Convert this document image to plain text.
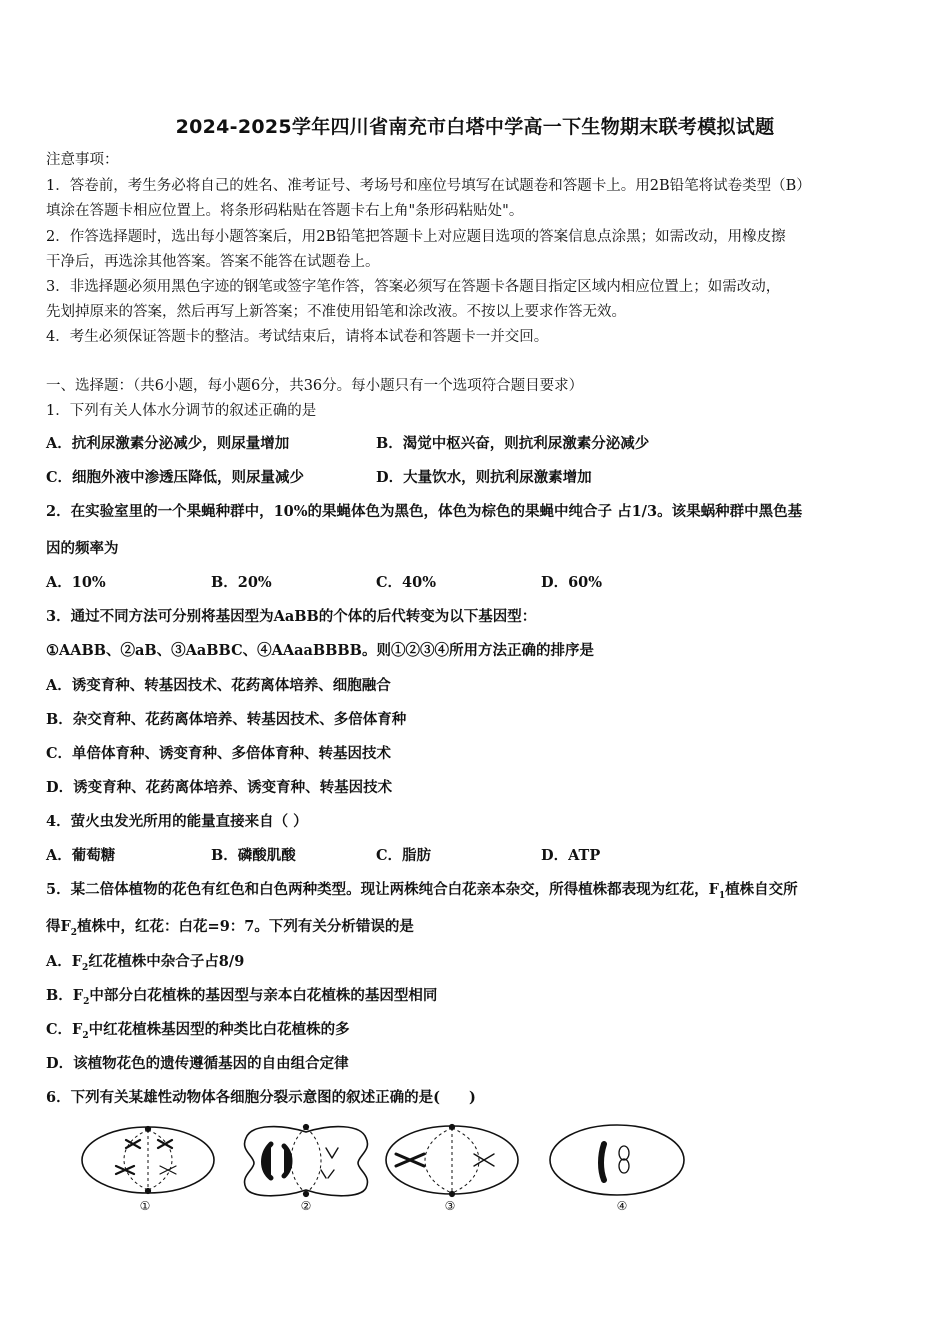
2024-2025学年四川省南充市白塔中学高一下生物期末联考模拟试题
注意事项：
1．答卷前，考生务必将自己的姓名、准考证号、考场号和座位号填写在试题卷和答题卡上。用2B铅笔将试卷类型（B）
填涂在答题卡相应位置上。将条形码粘贴在答题卡右上角"条形码粘贴处"。
2．作答选择题时，选出每小题答案后，用2B铅笔把答题卡上对应题目选项的答案信息点涂黑；如需改动，用橡皮擦
干净后，再选涂其他答案。答案不能答在试题卷上。
3．非选择题必须用黑色字迹的钢笔或签字笔作答，答案必须写在答题卡各题目指定区域内相应位置上；如需改动，
先划掉原来的答案，然后再写上新答案；不准使用铅笔和涂改液。不按以上要求作答无效。
4．考生必须保证答题卡的整洁。考试结束后，请将本试卷和答题卡一并交回。
一、选择题：（共6小题，每小题6分，共36分。每小题只有一个选项符合题目要求）
1．下列有关人体水分调节的叙述正确的是
A．抗利尿激素分泌减少，则尿量增加	B．渴觉中枢兴奋，则抗利尿激素分泌减少
C．细胞外液中渗透压降低，则尿量减少	D．大量饮水，则抗利尿激素增加
2．在实验室里的一个果蝇种群中，10%的果蝇体色为黑色，体色为棕色的果蝇中纯合子 占1/3。该果蜗种群中黑色基
因的频率为
A．10%	B．20%	C．40%	D．60%
3．通过不同方法可分别将基因型为AaBB的个体的后代转变为以下基因型：
①AABB、②aB、③AaBBC、④AAaaBBBB。则①②③④所用方法正确的排序是
A．诱变育种、转基因技术、花药离体培养、细胞融合
B．杂交育种、花药离体培养、转基因技术、多倍体育种
C．单倍体育种、诱变育种、多倍体育种、转基因技术
D．诱变育种、花药离体培养、诱变育种、转基因技术
4．萤火虫发光所用的能量直接来自（ ）
A．葡萄糖	B．磷酸肌酸	C．脂肪	D．ATP
5．某二倍体植物的花色有红色和白色两种类型。现让两株纯合白花亲本杂交，所得植株都表现为红花，$F_1$植株自交所
得$F_2$植株中，红花：白花=9：7。下列有关分析错误的是
A．$F_2$红花植株中杂合子占8/9
B．$F_2$中部分白花植株的基因型与亲本白花植株的基因型相同
C．$F_2$中红花植株基因型的种类比白花植株的多
D．该植物花色的遗传遵循基因的自由组合定律
6．下列有关某雄性动物体各细胞分裂示意图的叙述正确的是(　　)
①	②	③	④
